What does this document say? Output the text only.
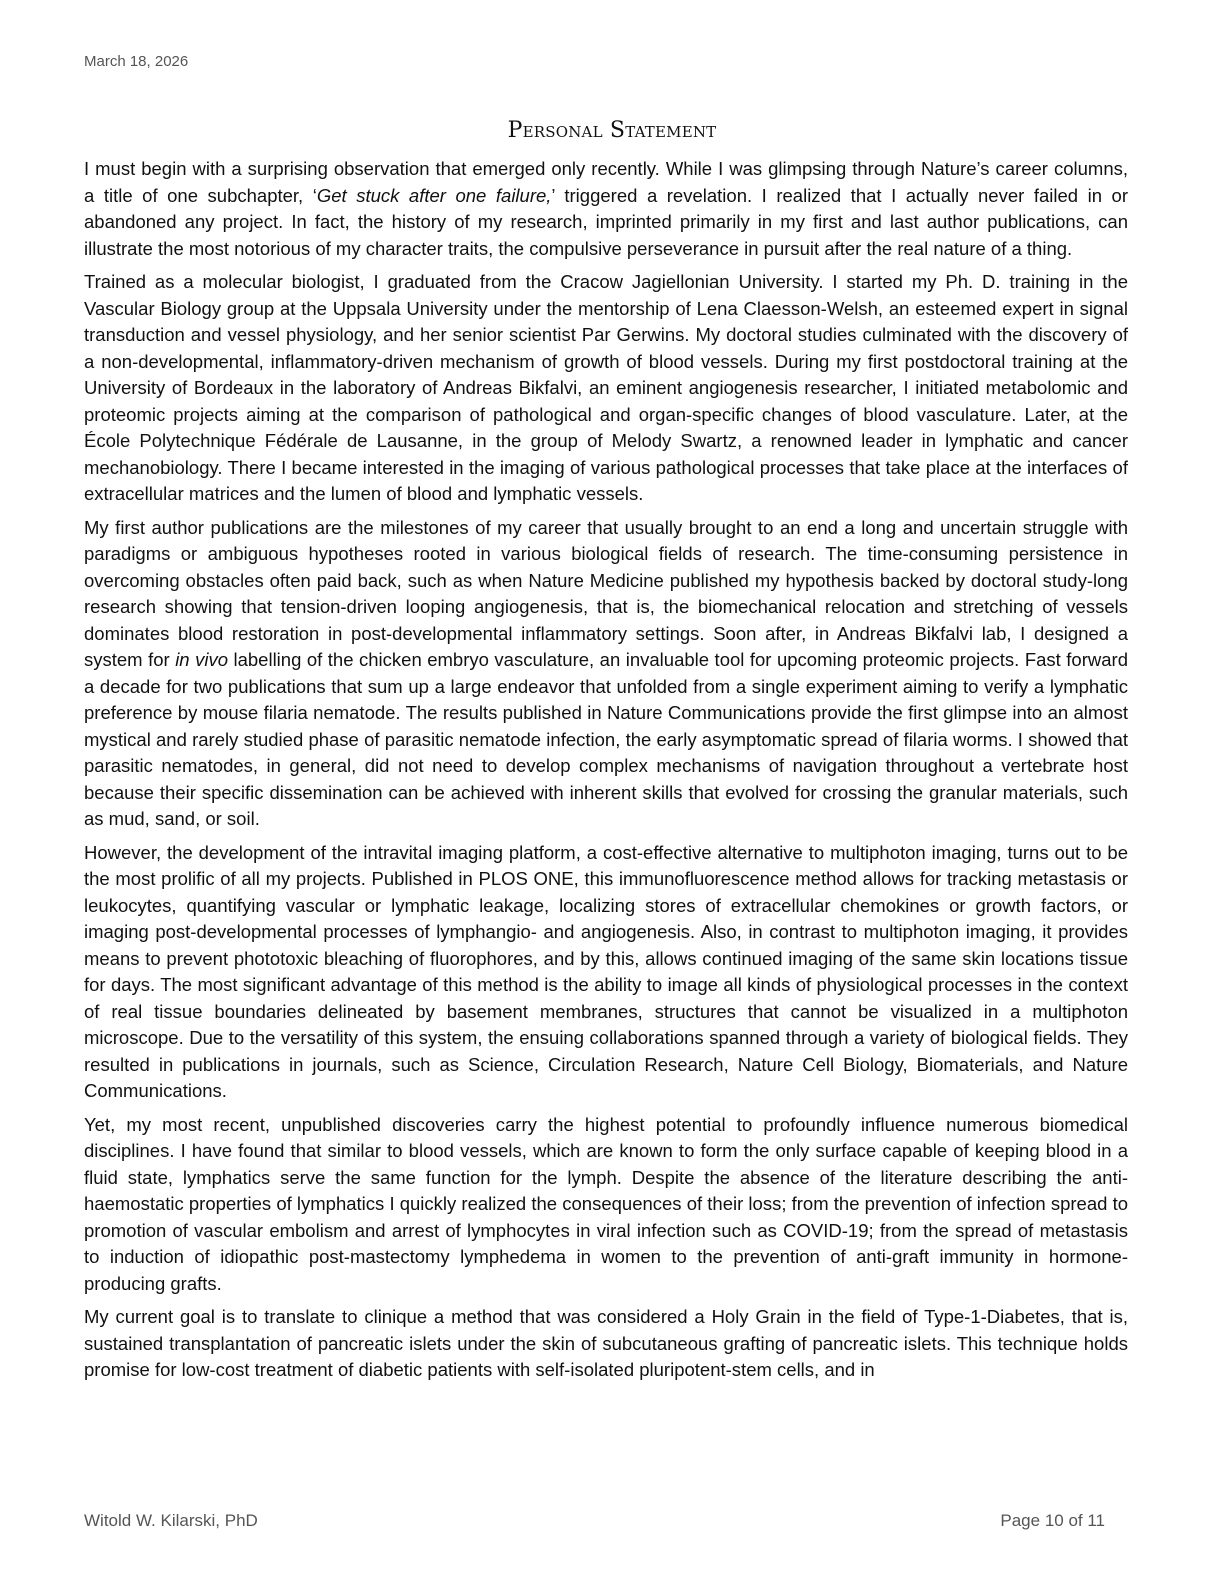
March 18, 2026
Personal Statement

I must begin with a surprising observation that emerged only recently. While I was glimpsing through Nature’s career columns, a title of one subchapter, ‘Get stuck after one failure,’ triggered a revelation. I realized that I actually never failed in or abandoned any project. In fact, the history of my research, imprinted primarily in my first and last author publications, can illustrate the most notorious of my character traits, the compulsive perseverance in pursuit after the real nature of a thing.

Trained as a molecular biologist, I graduated from the Cracow Jagiellonian University. I started my Ph. D. training in the Vascular Biology group at the Uppsala University under the mentorship of Lena Claesson-Welsh, an esteemed expert in signal transduction and vessel physiology, and her senior scientist Par Gerwins. My doctoral studies culminated with the discovery of a non-developmental, inflammatory-driven mechanism of growth of blood vessels. During my first postdoctoral training at the University of Bordeaux in the laboratory of Andreas Bikfalvi, an eminent angiogenesis researcher, I initiated metabolomic and proteomic projects aiming at the comparison of pathological and organ-specific changes of blood vasculature. Later, at the École Polytechnique Fédérale de Lausanne, in the group of Melody Swartz, a renowned leader in lymphatic and cancer mechanobiology. There I became interested in the imaging of various pathological processes that take place at the interfaces of extracellular matrices and the lumen of blood and lymphatic vessels.

My first author publications are the milestones of my career that usually brought to an end a long and uncertain struggle with paradigms or ambiguous hypotheses rooted in various biological fields of research. The time-consuming persistence in overcoming obstacles often paid back, such as when Nature Medicine published my hypothesis backed by doctoral study-long research showing that tension-driven looping angiogenesis, that is, the biomechanical relocation and stretching of vessels dominates blood restoration in post-developmental inflammatory settings. Soon after, in Andreas Bikfalvi lab, I designed a system for in vivo labelling of the chicken embryo vasculature, an invaluable tool for upcoming proteomic projects. Fast forward a decade for two publications that sum up a large endeavor that unfolded from a single experiment aiming to verify a lymphatic preference by mouse filaria nematode. The results published in Nature Communications provide the first glimpse into an almost mystical and rarely studied phase of parasitic nematode infection, the early asymptomatic spread of filaria worms. I showed that parasitic nematodes, in general, did not need to develop complex mechanisms of navigation throughout a vertebrate host because their specific dissemination can be achieved with inherent skills that evolved for crossing the granular materials, such as mud, sand, or soil.

However, the development of the intravital imaging platform, a cost-effective alternative to multiphoton imaging, turns out to be the most prolific of all my projects. Published in PLOS ONE, this immunofluorescence method allows for tracking metastasis or leukocytes, quantifying vascular or lymphatic leakage, localizing stores of extracellular chemokines or growth factors, or imaging post-developmental processes of lymphangio- and angiogenesis. Also, in contrast to multiphoton imaging, it provides means to prevent phototoxic bleaching of fluorophores, and by this, allows continued imaging of the same skin locations tissue for days. The most significant advantage of this method is the ability to image all kinds of physiological processes in the context of real tissue boundaries delineated by basement membranes, structures that cannot be visualized in a multiphoton microscope. Due to the versatility of this system, the ensuing collaborations spanned through a variety of biological fields. They resulted in publications in journals, such as Science, Circulation Research, Nature Cell Biology, Biomaterials, and Nature Communications.

Yet, my most recent, unpublished discoveries carry the highest potential to profoundly influence numerous biomedical disciplines. I have found that similar to blood vessels, which are known to form the only surface capable of keeping blood in a fluid state, lymphatics serve the same function for the lymph. Despite the absence of the literature describing the anti-haemostatic properties of lymphatics I quickly realized the consequences of their loss; from the prevention of infection spread to promotion of vascular embolism and arrest of lymphocytes in viral infection such as COVID-19; from the spread of metastasis to induction of idiopathic post-mastectomy lymphedema in women to the prevention of anti-graft immunity in hormone-producing grafts.

My current goal is to translate to clinique a method that was considered a Holy Grain in the field of Type-1-Diabetes, that is, sustained transplantation of pancreatic islets under the skin of subcutaneous grafting of pancreatic islets. This technique holds promise for low-cost treatment of diabetic patients with self-isolated pluripotent-stem cells, and in

Witold W. Kilarski, PhD	Page 10 of 11
